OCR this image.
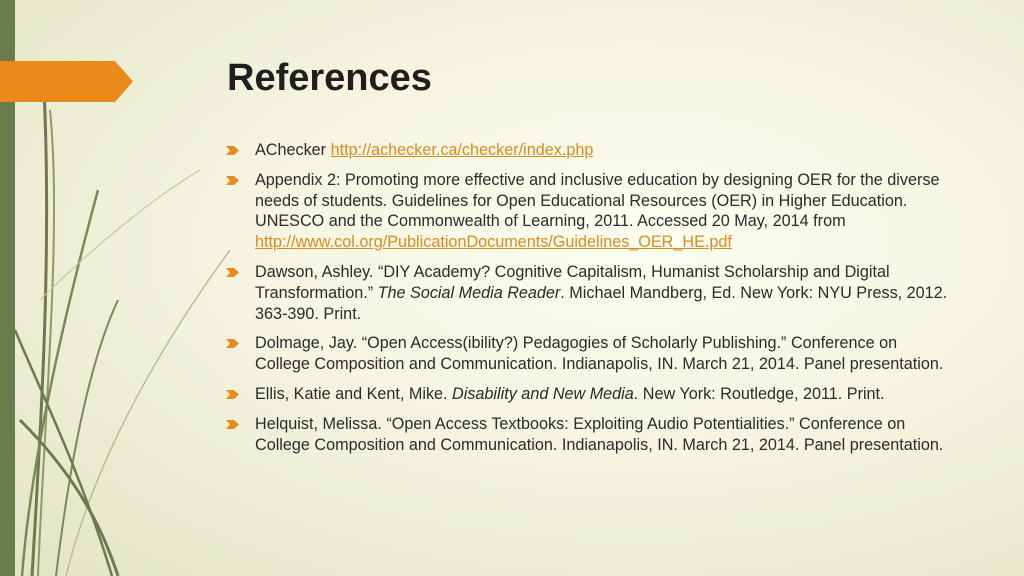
References
AChecker http://achecker.ca/checker/index.php
Appendix 2: Promoting more effective and inclusive education by designing OER for the diverse needs of students. Guidelines for Open Educational Resources (OER) in Higher Education. UNESCO and the Commonwealth of Learning, 2011. Accessed 20 May, 2014 from http://www.col.org/PublicationDocuments/Guidelines_OER_HE.pdf
Dawson, Ashley. “DIY Academy? Cognitive Capitalism, Humanist Scholarship and Digital Transformation.” The Social Media Reader. Michael Mandberg, Ed. New York: NYU Press, 2012. 363-390. Print.
Dolmage, Jay. “Open Access(ibility?) Pedagogies of Scholarly Publishing.” Conference on College Composition and Communication. Indianapolis, IN. March 21, 2014. Panel presentation.
Ellis, Katie and Kent, Mike. Disability and New Media. New York: Routledge, 2011. Print.
Helquist, Melissa. “Open Access Textbooks: Exploiting Audio Potentialities.” Conference on College Composition and Communication. Indianapolis, IN. March 21, 2014. Panel presentation.
